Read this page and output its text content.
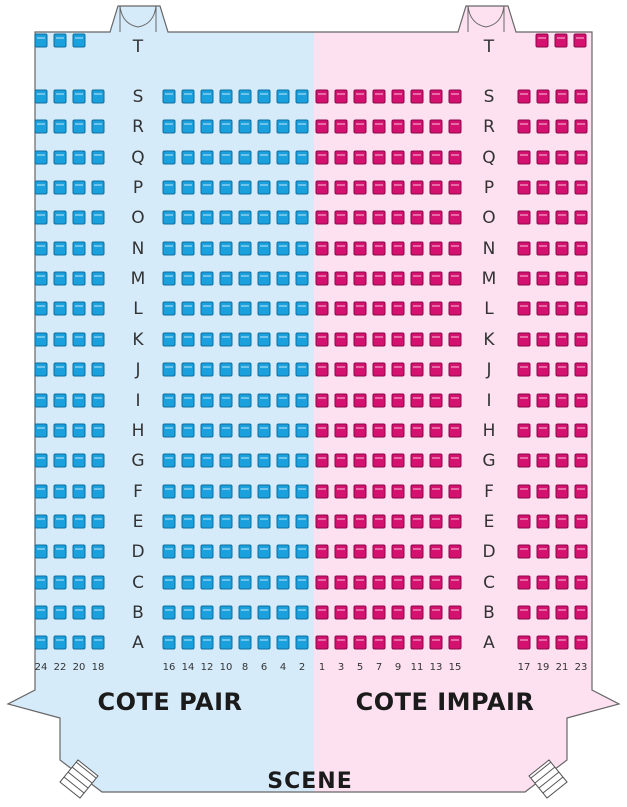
S	S
R	R
Q	Q
P	P
O	O
N	N
M	M
L	L
K	K
J	J
I	I
H	H
G	G
F	F
E	E
D	D
C	C
B	B
A	A
T	T
24 22 20 18	16 14 12 10 8 6 4 2 1 3 5 7 9 11 13 15	17 19 21 23
COTE PAIR	COTE IMPAIR
SCENE
